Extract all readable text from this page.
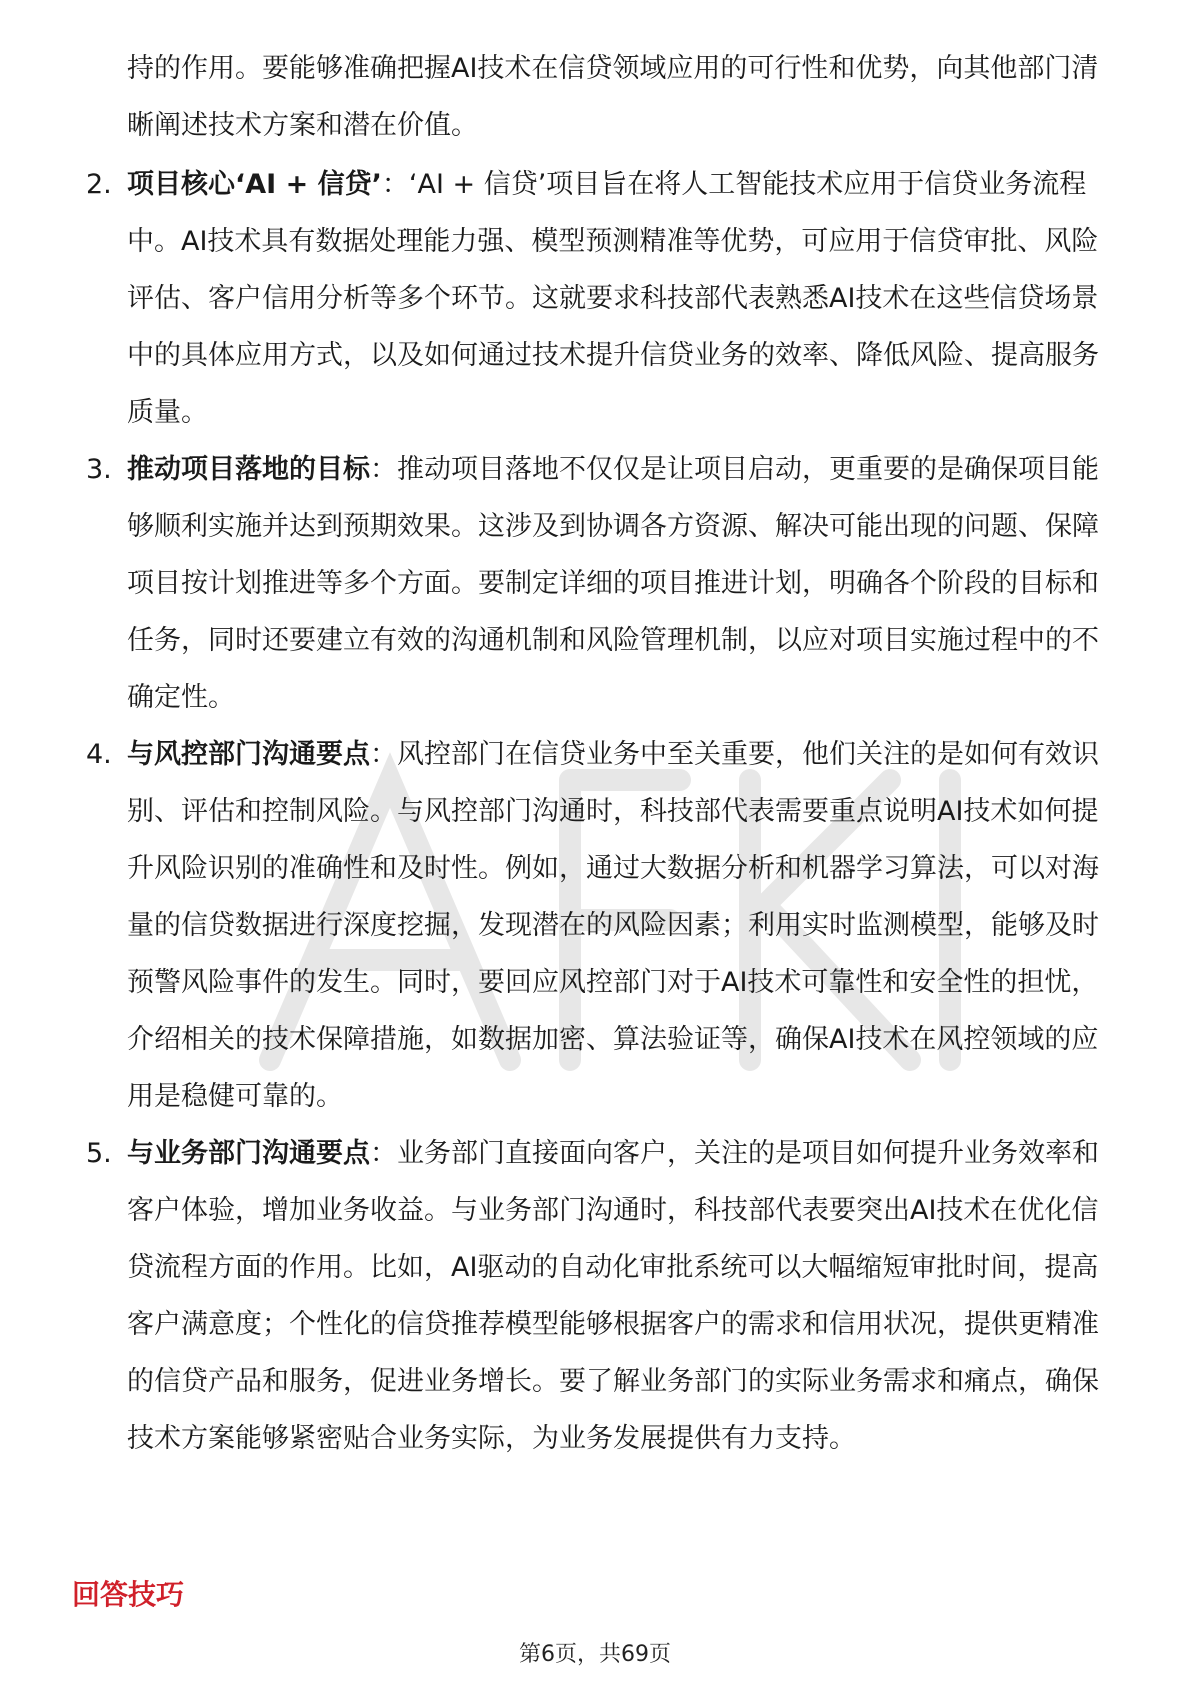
持的作用。要能够准确把握AI技术在信贷领域应用的可行性和优势，向其他部门清晰阐述技术方案和潜在价值。
2. 项目核心‘AI + 信贷’：‘AI + 信贷’项目旨在将人工智能技术应用于信贷业务流程中。AI技术具有数据处理能力强、模型预测精准等优势，可应用于信贷审批、风险评估、客户信用分析等多个环节。这就要求科技部代表熟悉AI技术在这些信贷场景中的具体应用方式，以及如何通过技术提升信贷业务的效率、降低风险、提高服务质量。
3. 推动项目落地的目标：推动项目落地不仅仅是让项目启动，更重要的是确保项目能够顺利实施并达到预期效果。这涉及到协调各方资源、解决可能出现的问题、保障项目按计划推进等多个方面。要制定详细的项目推进计划，明确各个阶段的目标和任务，同时还要建立有效的沟通机制和风险管理机制，以应对项目实施过程中的不确定性。
4. 与风控部门沟通要点：风控部门在信贷业务中至关重要，他们关注的是如何有效识别、评估和控制风险。与风控部门沟通时，科技部代表需要重点说明AI技术如何提升风险识别的准确性和及时性。例如，通过大数据分析和机器学习算法，可以对海量的信贷数据进行深度挖掘，发现潜在的风险因素；利用实时监测模型，能够及时预警风险事件的发生。同时，要回应风控部门对于AI技术可靠性和安全性的担忧，介绍相关的技术保障措施，如数据加密、算法验证等，确保AI技术在风控领域的应用是稳健可靠的。
5. 与业务部门沟通要点：业务部门直接面向客户，关注的是项目如何提升业务效率和客户体验，增加业务收益。与业务部门沟通时，科技部代表要突出AI技术在优化信贷流程方面的作用。比如，AI驱动的自动化审批系统可以大幅缩短审批时间，提高客户满意度；个性化的信贷推荐模型能够根据客户的需求和信用状况，提供更精准的信贷产品和服务，促进业务增长。要了解业务部门的实际业务需求和痛点，确保技术方案能够紧密贴合业务实际，为业务发展提供有力支持。
回答技巧
第6页，共69页
